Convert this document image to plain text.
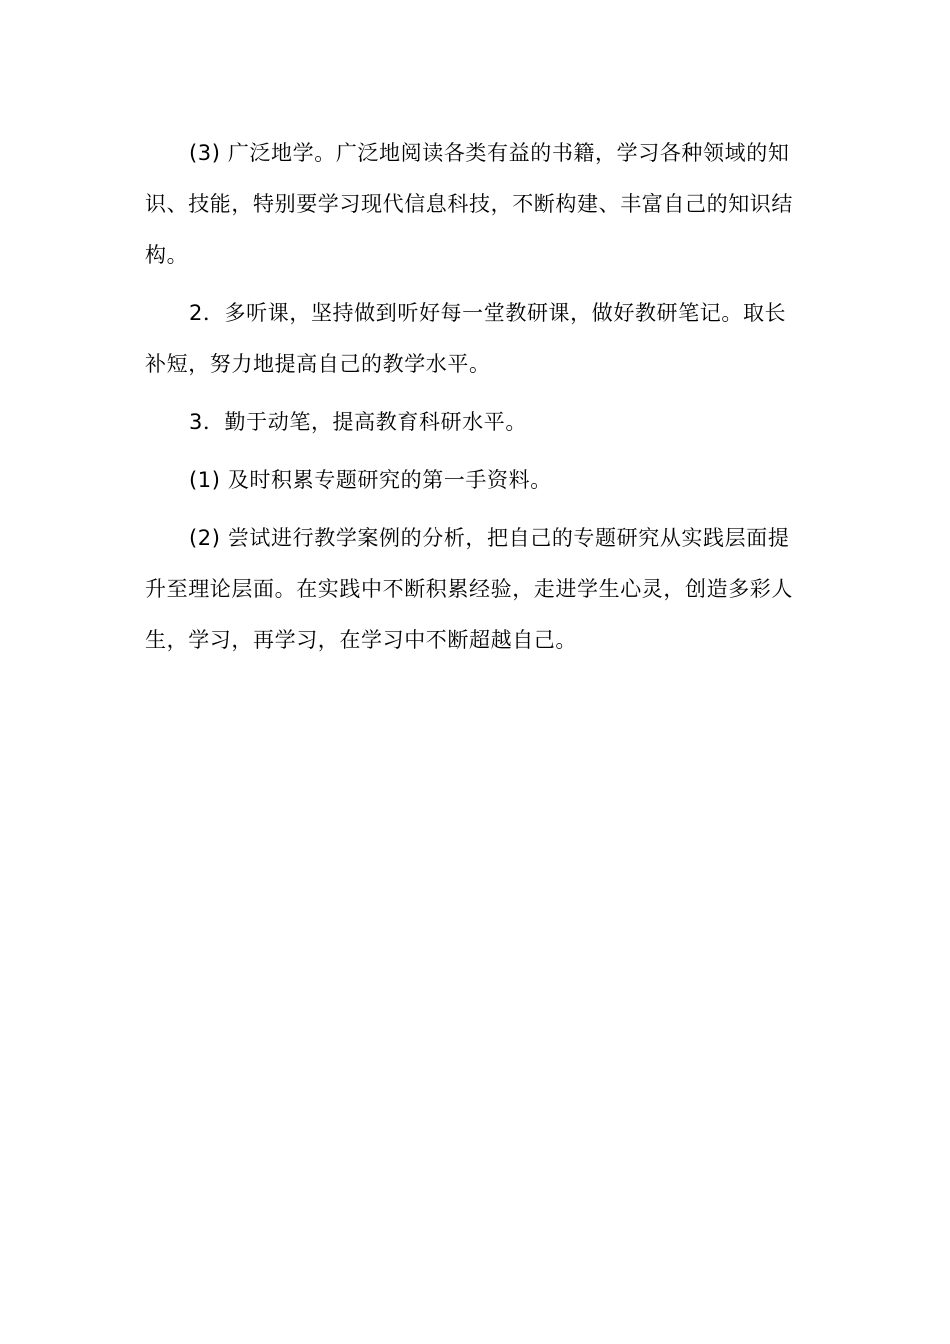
(3) 广泛地学。广泛地阅读各类有益的书籍，学习各种领域的知识、技能，特别要学习现代信息科技，不断构建、丰富自己的知识结构。

2．多听课，坚持做到听好每一堂教研课，做好教研笔记。取长补短，努力地提高自己的教学水平。

3．勤于动笔，提高教育科研水平。

(1) 及时积累专题研究的第一手资料。

(2) 尝试进行教学案例的分析，把自己的专题研究从实践层面提升至理论层面。在实践中不断积累经验，走进学生心灵，创造多彩人生，学习，再学习，在学习中不断超越自己。
